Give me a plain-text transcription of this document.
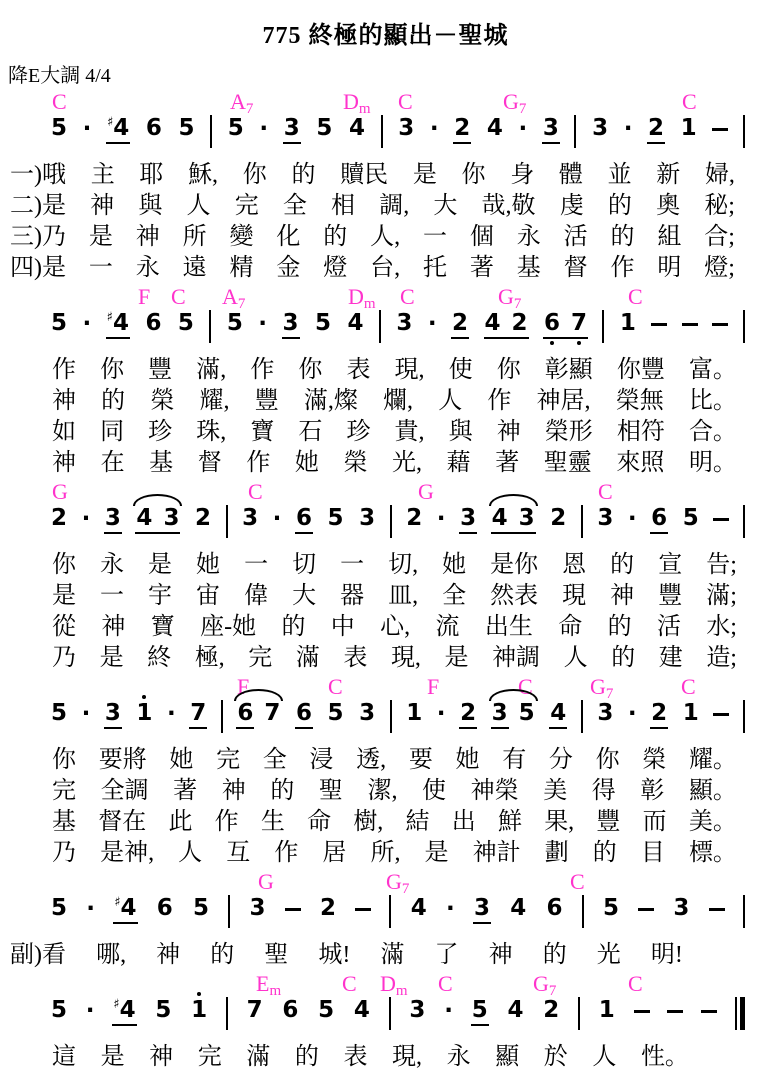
775 終極的顯出－聖城
降E大調 4/4
C	$A_7$	$D_m$ C	$G_7$	C
5 · ♯4 6 5 5 · 3 5 4 3 · 2 4 · 3 3 · 2 1
一)哦 主 耶 穌, 你 的 贖民 是 你 身 體 並 新 婦,
二)是 神 與 人 完 全 相 調, 大 哉,敬 虔 的 奧 秘;
三)乃 是 神 所 變 化 的 人, 一 個 永 活 的 組 合;
四)是 一 永 遠 精 金 燈 台, 托 著 基 督 作 明 燈;
F C $A_7$	$D_m$ C	$G_7$	C
5 · ♯4 6 5 5 · 3 5 4 3 · 2 4 2 6 7 1
作 你 豐 滿, 作 你 表 現, 使 你 彰顯 你豐 富。
神 的 榮 耀, 豐 滿,燦 爛, 人 作 神居, 榮無 比。
如 同 珍 珠, 寶 石 珍 貴, 與 神 榮形 相符 合。
神 在 基 督 作 她 榮 光, 藉 著 聖靈 來照 明。
G	C	G	C
2 · 3 4 3 2 3 · 6 5 3 2 · 3 4 3 2 3 · 6 5
你 永 是 她 一 切 一 切, 她 是你 恩 的 宣 告;
是 一 宇 宙 偉 大 器 皿, 全 然表 現 神 豐 滿;
從 神 寶 座-她 的 中 心, 流 出生 命 的 活 水;
乃 是 終 極, 完 滿 表 現, 是 神調 人 的 建 造;
F	C	F	C	$G_7$	C
5 · 3 1 · 7 6 7 6 5 3 1 · 2 3 5 4 3 · 2 1
你 要將 她 完 全 浸 透, 要 她 有 分 你 榮 耀。
完 全調 著 神 的 聖 潔, 使 神榮 美 得 彰 顯。
基 督在 此 作 生 命 樹, 結 出 鮮 果, 豐 而 美。
乃 是神, 人 互 作 居 所, 是 神計 劃 的 目 標。
G	$G_7$	C
5 · ♯4 6 5 3 2	4 · 3 4 6 5 3
副)看 哪, 神 的 聖 城! 滿 了 神 的 光 明!
$E_m$	C $D_m$ C	$G_7$	C
5 · ♯4 5 1 7 6 5 4 3 · 5 4 2 1
這 是 神 完 滿 的 表 現, 永 顯 於 人 性。
